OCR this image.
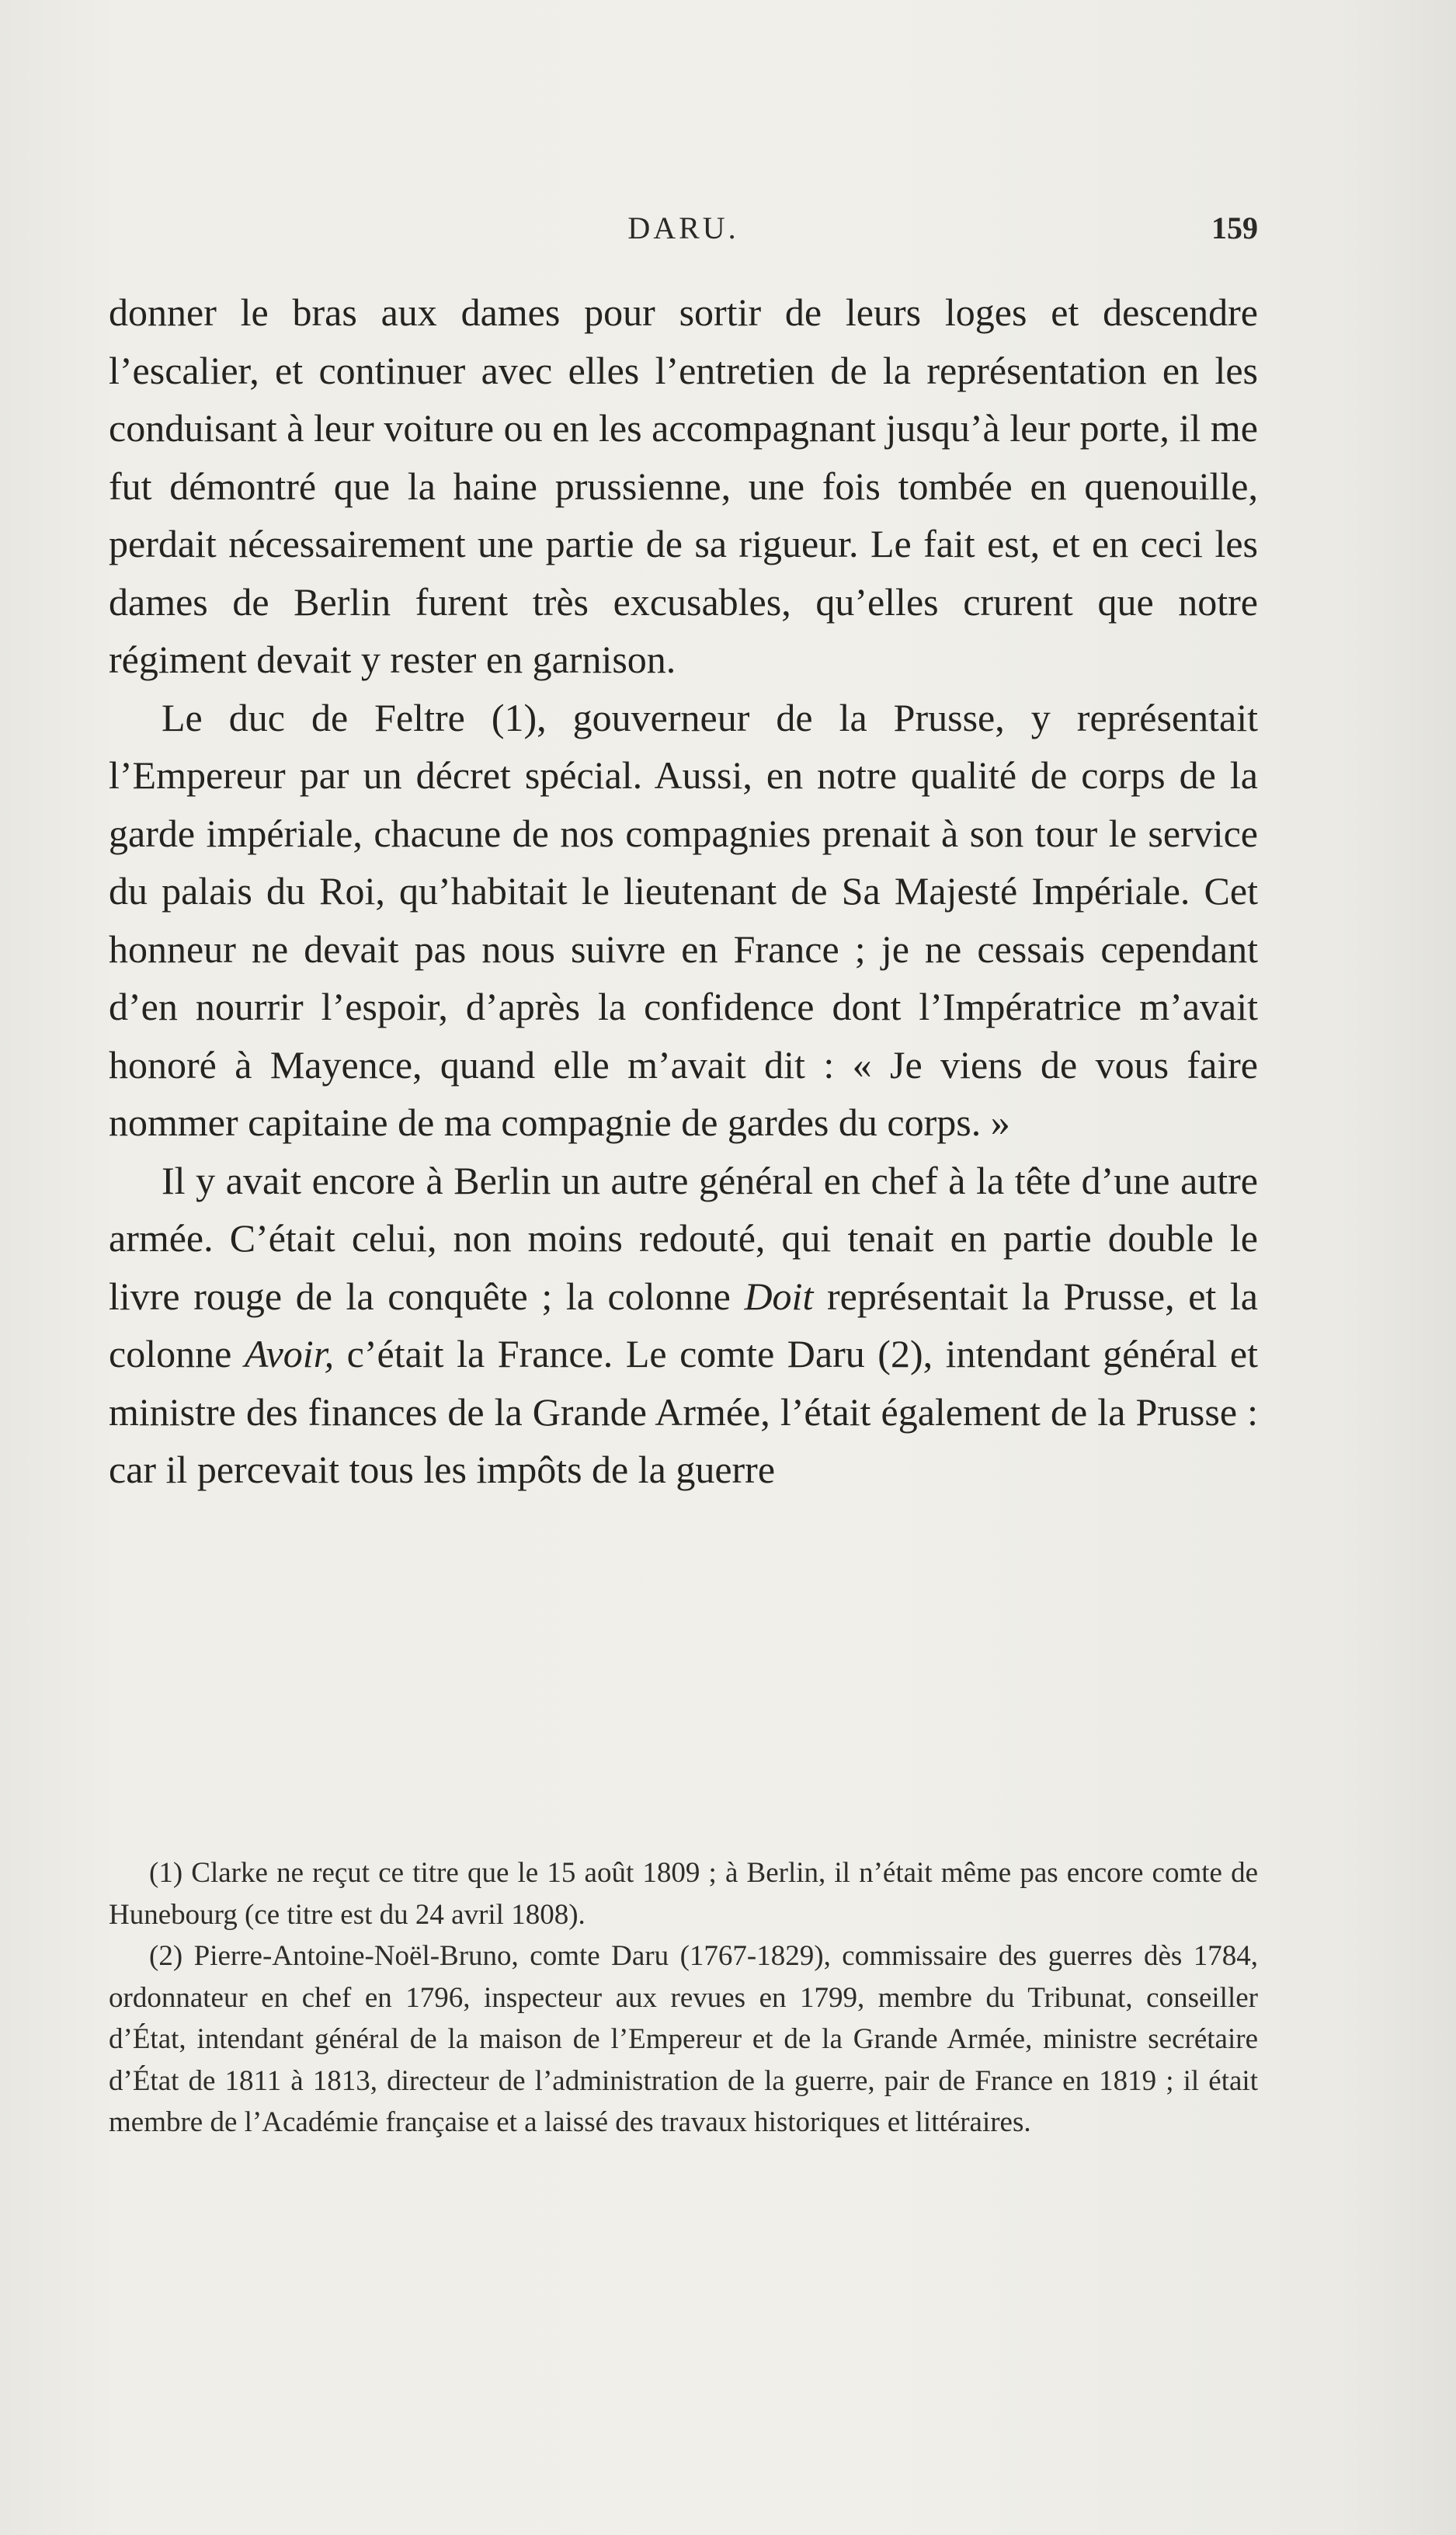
DARU.	159

donner le bras aux dames pour sortir de leurs loges et descendre l’escalier, et continuer avec elles l’entretien de la représentation en les conduisant à leur voiture ou en les accompagnant jusqu’à leur porte, il me fut démontré que la haine prussienne, une fois tombée en quenouille, perdait nécessairement une partie de sa rigueur. Le fait est, et en ceci les dames de Berlin furent très excusables, qu’elles crurent que notre régiment devait y rester en garnison.

Le duc de Feltre (1), gouverneur de la Prusse, y représentait l’Empereur par un décret spécial. Aussi, en notre qualité de corps de la garde impériale, chacune de nos compagnies prenait à son tour le service du palais du Roi, qu’habitait le lieutenant de Sa Majesté Impériale. Cet honneur ne devait pas nous suivre en France ; je ne cessais cependant d’en nourrir l’espoir, d’après la confidence dont l’Impératrice m’avait honoré à Mayence, quand elle m’avait dit : « Je viens de vous faire nommer capitaine de ma compagnie de gardes du corps. »

Il y avait encore à Berlin un autre général en chef à la tête d’une autre armée. C’était celui, non moins redouté, qui tenait en partie double le livre rouge de la conquête ; la colonne Doit représentait la Prusse, et la colonne Avoir, c’était la France. Le comte Daru (2), intendant général et ministre des finances de la Grande Armée, l’était également de la Prusse : car il percevait tous les impôts de la guerre

(1) Clarke ne reçut ce titre que le 15 août 1809 ; à Berlin, il n’était même pas encore comte de Hunebourg (ce titre est du 24 avril 1808).

(2) Pierre-Antoine-Noël-Bruno, comte Daru (1767-1829), commissaire des guerres dès 1784, ordonnateur en chef en 1796, inspecteur aux revues en 1799, membre du Tribunat, conseiller d’État, intendant général de la maison de l’Empereur et de la Grande Armée, ministre secrétaire d’État de 1811 à 1813, directeur de l’administration de la guerre, pair de France en 1819 ; il était membre de l’Académie française et a laissé des travaux historiques et littéraires.
